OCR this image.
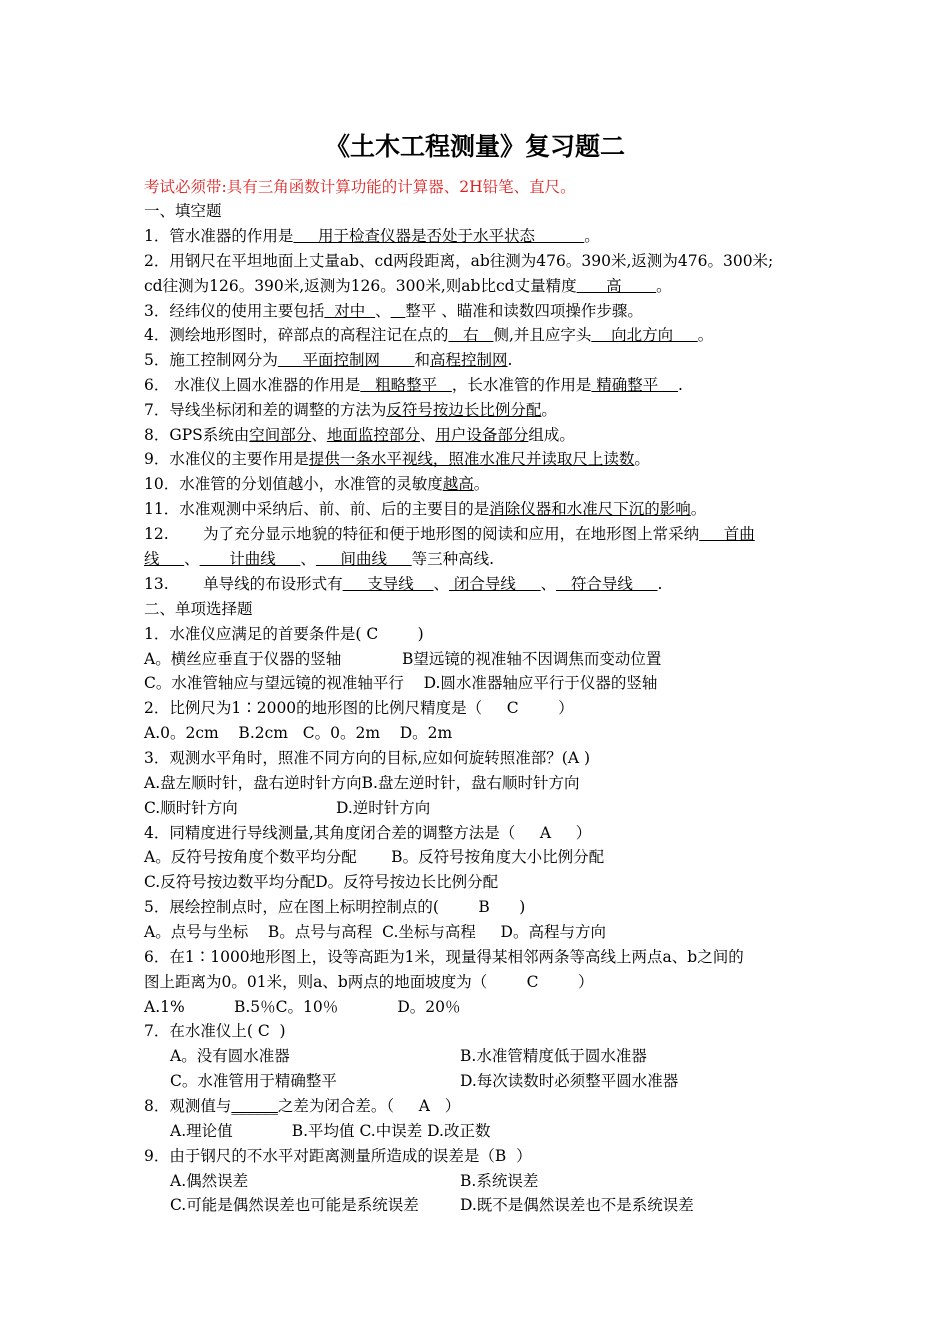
《土木工程测量》复习题二
考试必须带:具有三角函数计算功能的计算器、2H铅笔、直尺。
一、填空题
1．管水准器的作用是     用于检查仪器是否处于水平状态          。
2．用钢尺在平坦地面上丈量ab、cd两段距离，ab往测为476。390米,返测为476。300米;
cd往测为126。390米,返测为126。300米,则ab比cd丈量精度      高       。
3．经纬仪的使用主要包括  对中  、 整平 、瞄准和读数四项操作步骤。
4．测绘地形图时，碎部点的高程注记在点的   右   侧,并且应字头    向北方向     。
5．施工控制网分为     平面控制网       和高程控制网.
6． 水准仪上圆水准器的作用是   粗略整平   ，长水准管的作用是 精确整平    .
7．导线坐标闭和差的调整的方法为反符号按边长比例分配。
8．GPS系统由空间部分、地面监控部分、用户设备部分组成。
9．水准仪的主要作用是提供一条水平视线，照准水准尺并读取尺上读数。
10．水准管的分划值越小，水准管的灵敏度越高。
11．水准观测中采纳后、前、前、后的主要目的是消除仪器和水准尺下沉的影响。
12.       为了充分显示地貌的特征和便于地形图的阅读和应用，在地形图上常采纳     首曲
线     、      计曲线     、     间曲线     等三种高线.
13.       单导线的布设形式有     支导线    、 闭合导线     、   符合导线     .
二、单项选择题
1．水准仪应满足的首要条件是( C        )
A。横丝应垂直于仪器的竖轴	B望远镜的视准轴不因调焦而变动位置
C。水准管轴应与望远镜的视准轴平行    D.圆水准器轴应平行于仪器的竖轴
2．比例尺为1∶2000的地形图的比例尺精度是（     C        ）
A.0。2cm    B.2cm   C。0。2m    D。2m
3．观测水平角时，照准不同方向的目标,应如何旋转照准部？(A )
A.盘左顺时针，盘右逆时针方向B.盘左逆时针，盘右顺时针方向
C.顺时针方向	D.逆时针方向
4．同精度进行导线测量,其角度闭合差的调整方法是（     A     ）
A。反符号按角度个数平均分配       B。反符号按角度大小比例分配
C.反符号按边数平均分配D。反符号按边长比例分配
5．展绘控制点时，应在图上标明控制点的(        B      )
A。点号与坐标    B。点号与高程  C.坐标与高程     D。高程与方向
6．在1∶1000地形图上，设等高距为1米，现量得某相邻两条等高线上两点a、b之间的
图上距离为0。01米，则a、b两点的地面坡度为（        C        ）
A.1%          B.5％C。10％            D。20％
7．在水准仪上( C  )
A。没有圆水准器	B.水准管精度低于圆水准器
C。水准管用于精确整平	D.每次读数时必须整平圆水准器
8．观测值与______之差为闭合差。（     A   ）
A.理论值            B.平均值 C.中误差 D.改正数
9．由于钢尺的不水平对距离测量所造成的误差是（B  ）
A.偶然误差	B.系统误差
C.可能是偶然误差也可能是系统误差	D.既不是偶然误差也不是系统误差
